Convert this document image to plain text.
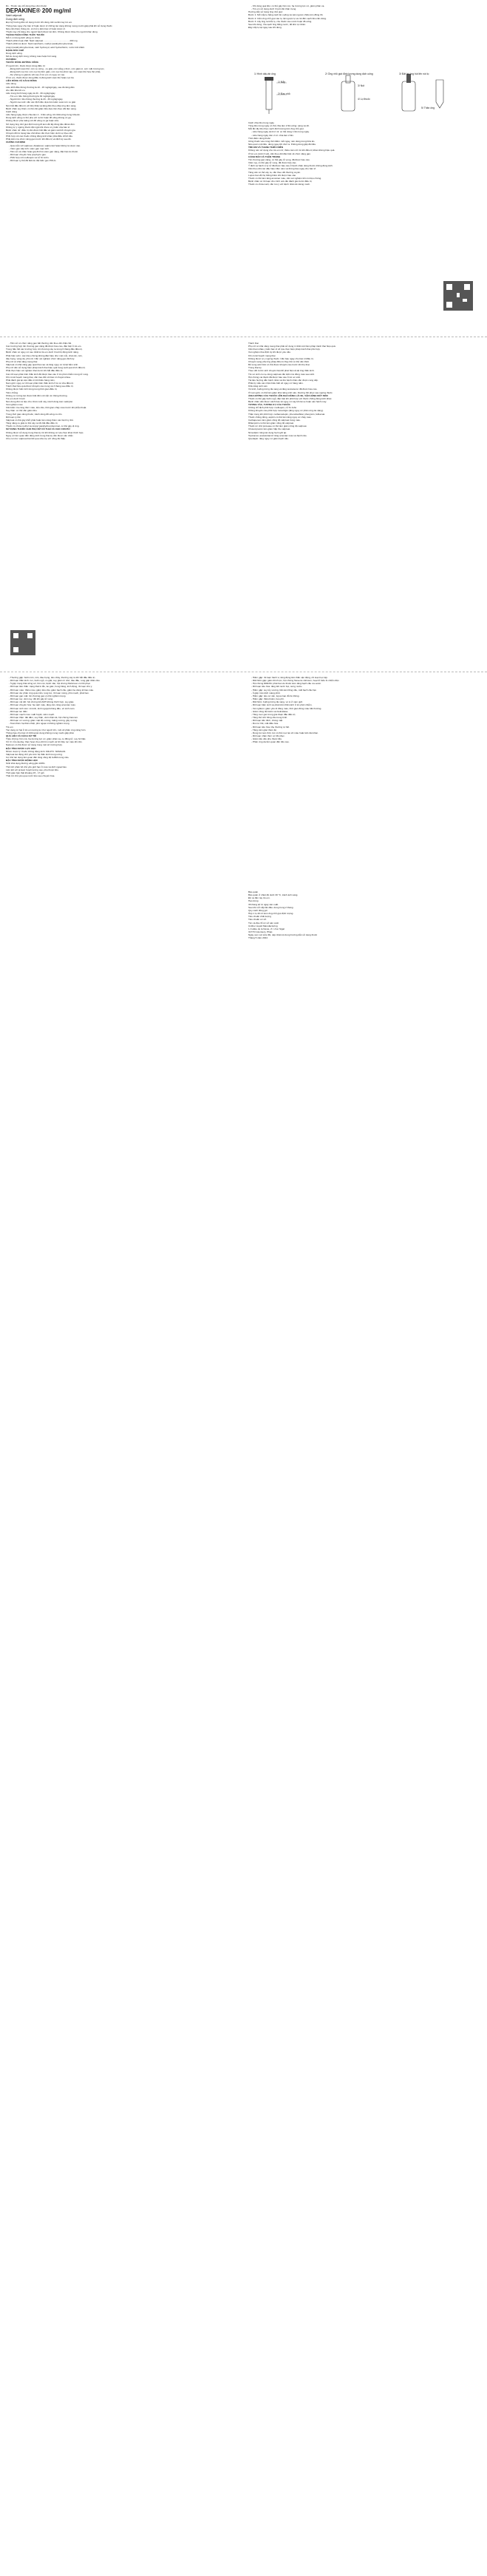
Rx - Thuốc này chỉ dùng theo đơn thuốc

DEPAKINE® 200 mg/ml

Natri valproat

Dung dịch uống

Đọc kỹ hướng dẫn sử dụng trước khi dùng. Để xa tầm tay trẻ em.

Thông báo ngay cho bác sĩ hoặc dược sĩ những tác dụng không mong muốn gặp phải khi sử dụng thuốc.

Nếu cần thêm thông tin, xin hỏi ý kiến bác sĩ hoặc dược sĩ.

Thuốc này chỉ dùng cho người bệnh được kê đơn. Không được đưa cho người khác dùng.

THÀNH PHẦN CÔNG THỨC THUỐC

Mỗi 1 ml dung dịch uống có chứa:

Thành phần hoạt chất: Natri valproat ........................................ 200 mg

Thành phần tá dược: Natri saccharin, methyl parahydroxybenzoat,

propyl parahydroxybenzoat, natri hydroxyd, acid hydrochloric, nước tinh khiết.

DẠNG BÀO CHẾ

Dung dịch uống.

Mô tả: dung dịch trong, không màu hoặc hơi vàng.

CHỈ ĐỊNH

THUỐC DÙNG ĐƯỜNG UỐNG

Ở người lớn, thuốc được dùng điều trị:

- Động kinh toàn thể: cơn co cứng - co giật, cơn vắng ý thức, cơn giật cơ, cơn mất trương lực,

- Động kinh cục bộ: cơn cục bộ đơn giản, cơn cục bộ phức tạp, cơn toàn thể hóa thứ phát,

- Dự phòng co giật do sốt cao ở trẻ em có nguy cơ cao.

Ở trẻ em, thuốc được dùng điều trị động kinh toàn thể hoặc cục bộ.

LIỀU DÙNG VÀ CÁCH DÙNG

Liều dùng

Liều khởi đầu thông thường là 10 - 15 mg/kg/ngày, sau đó tăng dần

cho đến liều tối ưu.

Liều trung bình hàng ngày là 20 - 30 mg/kg/ngày.

- Trẻ em: liều thông thường là 30 mg/kg/ngày.

- Người lớn: liều thông thường là 20 - 30 mg/kg/ngày.

- Người cao tuổi: cần xác định liều dựa trên kiểm soát cơn co giật.

Nên bắt đầu điều trị với liều thấp và tăng dần theo đáp ứng lâm sàng.

Bệnh nhân suy thận: có thể cần giảm liều dựa trên theo dõi lâm sàng.

Cách dùng

Liều hàng ngày được chia làm 2 - 3 lần uống, tốt nhất uống trong bữa ăn.

Dung dịch uống có thể pha với nước hoặc đồ uống không có ga.

Không được pha loãng với đồ uống có ga hoặc sữa.

Sử dụng ống nhỏ giọt định lượng đi kèm để lấy đúng liều đã kê đơn.

Không tự ý ngừng thuốc đột ngột khi chưa có ý kiến của bác sĩ.

Bệnh nhân nữ: điều trị cần được bắt đầu và giám sát bởi chuyên gia.

Chuyển đổi từ dạng bào chế khác cần thực hiện dưới sự theo dõi.

Phối hợp với các thuốc chống động kinh khác phải điều chỉnh liều.

Phải kiểm tra chức năng gan trước khi điều trị và định kỳ sau đó.

CHỐNG CHỈ ĐỊNH

- Quá mẫn với valproat, divalproat, valpromid hoặc bất kỳ tá dược nào.

- Viêm gan cấp tính; viêm gan mạn tính.

- Tiền sử cá nhân hoặc gia đình bị viêm gan nặng, đặc biệt do thuốc.

- Rối loạn chuyển hóa porphyrin gan.

- Phối hợp với mefloquin và cỏ St John.

- Rối loạn ty thể đã biết do đột biến gen POLG.

- Khi dùng quá liều: có thể gây hôn mê, hạ trương lực cơ, giảm phản xạ.

- Trẻ em sử dụng dưới 3 tuổi cần thận trọng.

Hướng dẫn sử dụng ống nhỏ giọt:

Bước 1: Mở nắp lọ bằng cách ấn xuống và vặn ngược chiều kim đồng hồ.

Bước 2: Cắm ống nhỏ giọt vào lọ, lật ngược lọ và rút đến vạch liều cần dùng.

Bước 3: Lấy ống ra khỏi lọ, cho thuốc vào nước hoặc đồ uống.

Sau khi dùng, rửa sạch ống bằng nước, để khô tự nhiên.

Đậy nắp lọ lại ngay sau khi dùng.

1/ Hình dấu ấn ống	2/ Ống nhỏ giọt định lượng dung dịch uống	3/ Đặt lại ống hút lên nút lọ
1/ Nắp
2/ Đầu nhỏ
3/ Nút
4/ Lọ thuốc
5/ Thân ống

Cách chia liều trong ngày

Tổng liều trong ngày có thể chia làm 2 lần uống: sáng và tối.

Mỗi lần lấy liều theo vạch định lượng trên ống nhỏ giọt.

- Liều hàng ngày dưới 2 ml: có thể dùng 1 lần trong ngày.

- Liều hàng ngày trên 2 ml: chia làm 2 lần.

Thời điểm dùng thuốc

Uống thuốc vào cùng thời điểm mỗi ngày, nên dùng trong bữa ăn.

Nếu quên một liều, dùng ngay khi nhớ ra. Không dùng gấp đôi liều.

TRẺ EM VÀ THANH THIẾU NIÊN

Không nên sử dụng cho trẻ em nữ, thiếu niên nữ trừ khi điều trị khác không hiệu quả.

Ở trẻ em dưới 3 tuổi, cần theo dõi đặc biệt về chức năng gan.

CẢNH BÁO VÀ THẬN TRỌNG

Tổn thương gan nặng, có thể gây tử vong, đã được báo cáo.

Viêm tụy, có thể gây tử vong, đã được báo cáo.

Ý định và hành vi tự tử đã được báo cáo ở bệnh nhân dùng thuốc chống động kinh.

Cần theo dõi các dấu hiệu trầm cảm và thông báo ngay cho bác sĩ.

Tăng cân có thể xảy ra, cần theo dõi thường xuyên.

Lupus ban đỏ hệ thống hiếm khi được báo cáo.

Thuốc có thể làm tăng amoniac máu, cần xét nghiệm khi có triệu chứng.

Bệnh nhân có rối loạn chu trình urê cần đánh giá trước điều trị.

Thuốc có chứa natri, cần lưu ý với bệnh nhân ăn kiêng muối.

- Tiền sử có chức năng gan bất thường cần theo dõi chặt chẽ.

Các trường hợp tổn thương gan nặng đã được báo cáo, đặc biệt ở trẻ em.

Trong hầu hết các trường hợp, tổn thương xảy ra trong 6 tháng đầu điều trị.

Bệnh nhân có nguy cơ cao nhất là trẻ em dưới 3 tuổi bị động kinh nặng.

Phát hiện sớm: các triệu chứng không đặc hiệu như mệt mỏi, chán ăn, nôn,

đau bụng, vàng da, phù nề. Cần xét nghiệm chức năng gan định kỳ.

Phụ nữ có khả năng mang thai

Valproat có khả năng gây quái thai cao và tăng nguy cơ dị tật bẩm sinh.

Phụ nữ cần sử dụng biện pháp tránh thai hiệu quả trong suốt quá trình điều trị.

Phải thực hiện xét nghiệm thai trước khi bắt đầu điều trị.

Các rối loạn phát triển thần kinh đã được báo cáo ở trẻ phơi nhiễm trong tử cung.

Khi có kế hoạch mang thai, cần trao đổi với bác sĩ chuyên khoa.

Phải đánh giá lại việc điều trị tối thiểu hàng năm.

Nam giới: nguy cơ rối loạn phát triển thần kinh ở trẻ có cha điều trị.

Tránh thai hiệu quả được khuyến cáo trong và 3 tháng sau điều trị.

Không được hiến tinh trùng trong thời gian điều trị.

Tiêm chủng

Không có tương tác được biết đến với vắc xin thông thường.

Trẻ em dưới 3 tuổi

Nên dùng đơn trị liệu cho nhóm tuổi này, tránh dùng kèm salicylat.

Xét nghiệm máu

Cần kiểm tra công thức máu, tiểu cầu, thời gian chảy máu trước khi phẫu thuật.

Suy thận: có thể cần giảm liều.

Trong thời gian dùng thuốc, tránh dùng đồ uống có cồn.

Rối loạn ty thể

Valproat có thể gây khởi phát hoặc làm nặng thêm các bệnh ty thể.

Tăng nặng co giật có thể xảy ra khi bắt đầu điều trị.

Thuốc có chứa methyl và propyl parahydroxybenzoat, có thể gây dị ứng.

SỬ DỤNG THUỐC CHO PHỤ NỮ CÓ THAI VÀ CHO CON BÚ

Không được sử dụng trong thai kỳ trừ khi không có lựa chọn khác thích hợp.

Nguy cơ liên quan đến động kinh trong thai kỳ cần được cân nhắc.

Cho con bú: valproat bài tiết qua sữa mẹ với nồng độ thấp.

Tránh thai

Phụ nữ có khả năng mang thai phải sử dụng ít nhất một biện pháp tránh thai hiệu quả.

Cần tham khảo ý kiến bác sĩ về lựa chọn biện pháp tránh thai phù hợp.

Xét nghiệm thai định kỳ khi được yêu cầu.

Khi có kế hoạch mang thai

Không được tự ý ngừng thuốc. Cần báo ngay cho bác sĩ điều trị.

Chuyển sang phương pháp điều trị thay thế có thể cần thiết.

Bổ sung acid folic có thể được khuyến cáo trước khi thụ thai.

Trong thai kỳ

Theo dõi trước sinh chuyên biệt để phát hiện dị tật ống thần kinh.

Trẻ sơ sinh có mẹ dùng valproat cần kiểm tra đông máu sau sinh.

Hội chứng cai thuốc đã được báo cáo ở trẻ sơ sinh.

Tài liệu hướng dẫn bệnh nhân và thẻ bệnh nhân cần được cung cấp.

Phải ký mẫu xác nhận hiểu biết về nguy cơ hàng năm.

Khả năng sinh sản

Vô kinh, buồng trứng đa nang và tăng testosteron đã được báo cáo.

Ở nam giới, có thể làm giảm khả năng sinh sản, thường hồi phục sau ngừng thuốc.

ẢNH HƯỞNG CỦA THUỐC LÊN KHẢ NĂNG LÁI XE, VẬN HÀNH MÁY MÓC

Thuốc có thể gây buồn ngủ, đặc biệt khi phối hợp với thuốc chống động kinh khác.

Bệnh nhân cần được cảnh báo về nguy cơ này khi lái xe hoặc vận hành máy.

TƯƠNG TÁC, TƯƠNG KỴ CỦA THUỐC

Chống chỉ định phối hợp: mefloquin, cỏ St John.

Không khuyến cáo phối hợp: lamotrigin (tăng nguy cơ phản ứng da nặng).

Thận trọng khi phối hợp: carbamazepin, phenobarbital, phenytoin, felbamat.

Thuốc chống đông, aspirin có thể làm tăng nguy cơ chảy máu.

Carbapenem làm giảm nồng độ valproat trong máu.

Rifampicin có thể làm giảm nồng độ valproat.

Thuốc ức chế protease có thể làm giảm nồng độ valproat.

Cholestyramin làm giảm hấp thu valproat.

Nimodipin: tăng tác dụng hạ huyết áp.

Topiramat, acetazolamid: tăng amoniac máu và bệnh não.

Quetiapin: tăng nguy cơ giảm bạch cầu.

- Thường gặp: buồn nôn, nôn, đau bụng, tiêu chảy, thường xảy ra khi bắt đầu điều trị.

- Rối loạn thần kinh: run, buồn ngủ, co giật, suy giảm trí nhớ, đau đầu, rung giật nhãn cầu.

- Ít gặp: trạng thái sững sờ, hôn mê, bệnh não, hội chứng Parkinson có hồi phục.

- Rối loạn tâm thần: trạng thái lú lẫn, ảo giác, hung hăng, kích động, rối loạn chú ý.

- Rối loạn máu: thiếu máu, giảm tiểu cầu, giảm bạch cầu, giảm ba dòng tế bào máu.

- Rối loạn da: phản ứng quá mẫn, rụng tóc, rối loạn móng, phù mạch, phát ban.

- Rối loạn gan mật: tổn thương gan có thể nghiêm trọng.

- Rối loạn tụy: viêm tụy, đôi khi gây tử vong.

- Rối loạn nội tiết: hội chứng tiết ADH không thích hợp, suy giáp.

- Rối loạn chuyển hóa: hạ natri máu, tăng cân, tăng amoniac máu.

- Rối loạn sinh sản: vô kinh, kinh nguyệt không đều, vô sinh nam.

- Rối loạn tai: điếc.

- Rối loạn mạch máu: xuất huyết, viêm mạch.

- Rối loạn thận: đái dầm, suy thận, viêm thận kẽ, hội chứng Fanconi.

- Rối loạn cơ xương: giảm mật độ xương, loãng xương, gãy xương.

- Toàn thân: hạ thân nhiệt, phù ngoại vi không nghiêm trọng.

Trẻ em

Tác dụng có hại ở trẻ em tương tự như người lớn, một số phản ứng nặng hơn.

Thông báo cho bác sĩ những tác dụng không mong muốn gặp phải.

QUÁ LIỀU VÀ CÁCH XỬ TRÍ

Triệu chứng: hôn mê, hạ trương lực cơ, giảm phản xạ, co đồng tử, suy hô hấp.

Xử trí: rửa dạ dày, than hoạt, theo dõi tim mạch và hô hấp, lọc máu khi cần.

Naloxon có thể được sử dụng trong một số trường hợp.

ĐẶC TÍNH DƯỢC LỰC HỌC

Nhóm dược lý: thuốc chống động kinh. Mã ATC: N03AG01.

Valproat tác động chủ yếu trên hệ thần kinh trung ương.

Cơ chế tác dụng liên quan đến tăng nồng độ GABA trong não.

ĐẶC TÍNH DƯỢC ĐỘNG HỌC

Sinh khả dụng đường uống gần 100%.

Thể tích phân bố chủ yếu giới hạn ở máu và dịch ngoại bào.

Liên kết với protein huyết tương cao, phụ thuộc liều.

Thời gian bán thải khoảng 15 - 17 giờ.

Thải trừ chủ yếu qua nước tiểu sau chuyển hóa.

- Hiếm gặp: rối loạn hành vi, tăng động tâm thần vận động, rối loạn học tập.

- Rất hiếm gặp: giảm thính lực, hội chứng Stevens-Johnson, hoại tử biểu bì nhiễm độc.

- Hội chứng DRESS: phát ban do thuốc kèm tăng bạch cầu ưa eosin.

- Rối loạn tiêu hóa: tăng tiết nước bọt, sưng nướu.

- Hiếm gặp: suy tủy xương, bất sản hồng cầu, mất bạch cầu hạt.

- Ít gặp: tràn dịch màng phổi.

- Hiếm gặp: tiêu cơ vân, lupus ban đỏ hệ thống.

- Hiếm gặp: thiếu biotin, béo phì.

- Rất hiếm: buồng trứng đa nang, vú to ở nam giới.

- Rối loạn bẩm sinh và phát triển thần kinh ở trẻ phơi nhiễm.

- Xét nghiệm: giảm yếu tố đông máu, thời gian đông máu bất thường.

- Giảm nồng độ biotin và biotinidase.

- Tăng men gan trong giai đoạn đầu điều trị.

- Tăng thể tích hồng cầu trung bình.

- Rối loạn tiền đình, chóng mặt.

- Run tư thế, mất điều hòa.

- Rối loạn tiêu hóa nhẹ thường tự hết.

- Tăng cảm giác thèm ăn.

- Rụng tóc tạm thời, tóc có thể mọc lại với màu hoặc kết cấu khác.

- Rối loạn nhận thức có hồi phục.

- Giảm tiểu cầu phụ thuộc liều.

- Phản ứng da liên quan đến liều cao.

Bảo quản

Bảo quản ở nhiệt độ dưới 30 °C, tránh ánh sáng.

Để xa tầm tay trẻ em.

Hạn dùng

36 tháng kể từ ngày sản xuất.

Sau khi mở nắp lần đầu: dùng trong 2 tháng.

Quy cách đóng gói

Hộp 1 lọ 40 ml kèm ống nhỏ giọt định lượng.

Tiêu chuẩn chất lượng

Tiêu chuẩn cơ sở.

Tên và địa chỉ cơ sở sản xuất

Unither Liquid Manufacturing

1-3 allée de la Neste, Z.I. d'en Sigal

31770 Colomiers, Pháp

Ngày xem xét sửa đổi, cập nhật nội dung hướng dẫn sử dụng thuốc

Tháng 5 năm 2024
